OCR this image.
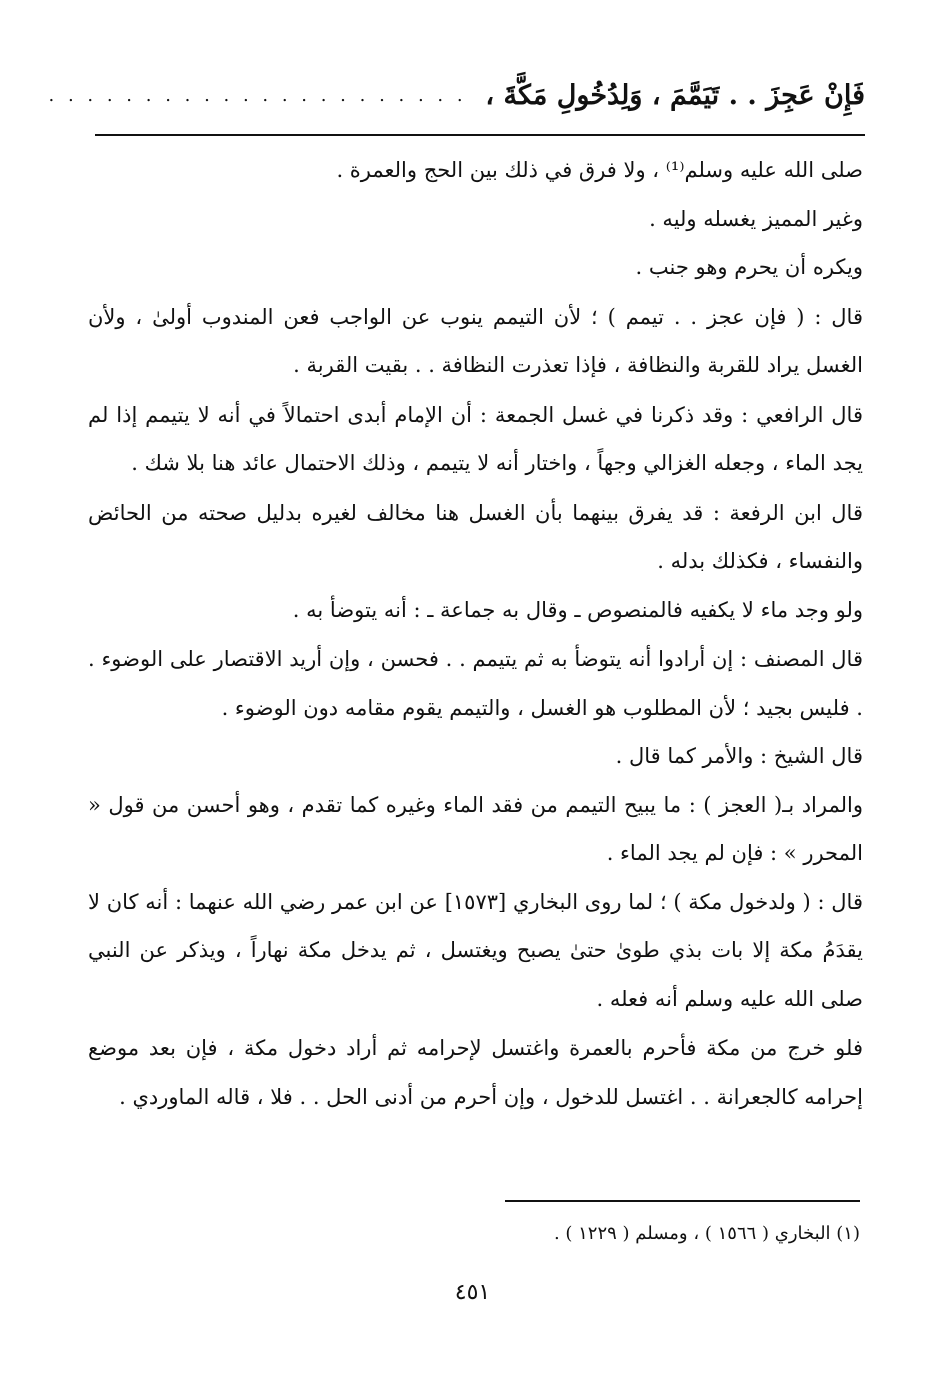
فَإِنْ عَجِزَ . . تَيَمَّمَ ، وَلِدُخُولِ مَكَّةَ ،

. . . . . . . . . . . . . . . . . . . . . .

صلى الله عليه وسلم⁽¹⁾ ، ولا فرق في ذلك بين الحج والعمرة .

وغير المميز يغسله وليه .

ويكره أن يحرم وهو جنب .

قال : ( فإن عجز . . تيمم ) ؛ لأن التيمم ينوب عن الواجب فعن المندوب أولىٰ ، ولأن الغسل يراد للقربة والنظافة ، فإذا تعذرت النظافة . . بقيت القربة .

قال الرافعي : وقد ذكرنا في غسل الجمعة : أن الإمام أبدى احتمالاً في أنه لا يتيمم إذا لم يجد الماء ، وجعله الغزالي وجهاً ، واختار أنه لا يتيمم ، وذلك الاحتمال عائد هنا بلا شك .

قال ابن الرفعة : قد يفرق بينهما بأن الغسل هنا مخالف لغيره بدليل صحته من الحائض والنفساء ، فكذلك بدله .

ولو وجد ماء لا يكفيه فالمنصوص ـ وقال به جماعة ـ : أنه يتوضأ به .

قال المصنف : إن أرادوا أنه يتوضأ به ثم يتيمم . . فحسن ، وإن أريد الاقتصار على الوضوء . . فليس بجيد ؛ لأن المطلوب هو الغسل ، والتيمم يقوم مقامه دون الوضوء .

قال الشيخ : والأمر كما قال .

والمراد بـ( العجز ) : ما يبيح التيمم من فقد الماء وغيره كما تقدم ، وهو أحسن من قول « المحرر » : فإن لم يجد الماء .

قال : ( ولدخول مكة ) ؛ لما روى البخاري [١٥٧٣] عن ابن عمر رضي الله عنهما : أنه كان لا يقدَمُ مكة إلا بات بذي طوىٰ حتىٰ يصبح ويغتسل ، ثم يدخل مكة نهاراً ، ويذكر عن النبي صلى الله عليه وسلم أنه فعله .

فلو خرج من مكة فأحرم بالعمرة واغتسل لإحرامه ثم أراد دخول مكة ، فإن بعد موضع إحرامه كالجعرانة . . اغتسل للدخول ، وإن أحرم من أدنى الحل . . فلا ، قاله الماوردي .

(١) البخاري ( ١٥٦٦ ) ، ومسلم ( ١٢٢٩ ) .
٤٥١
